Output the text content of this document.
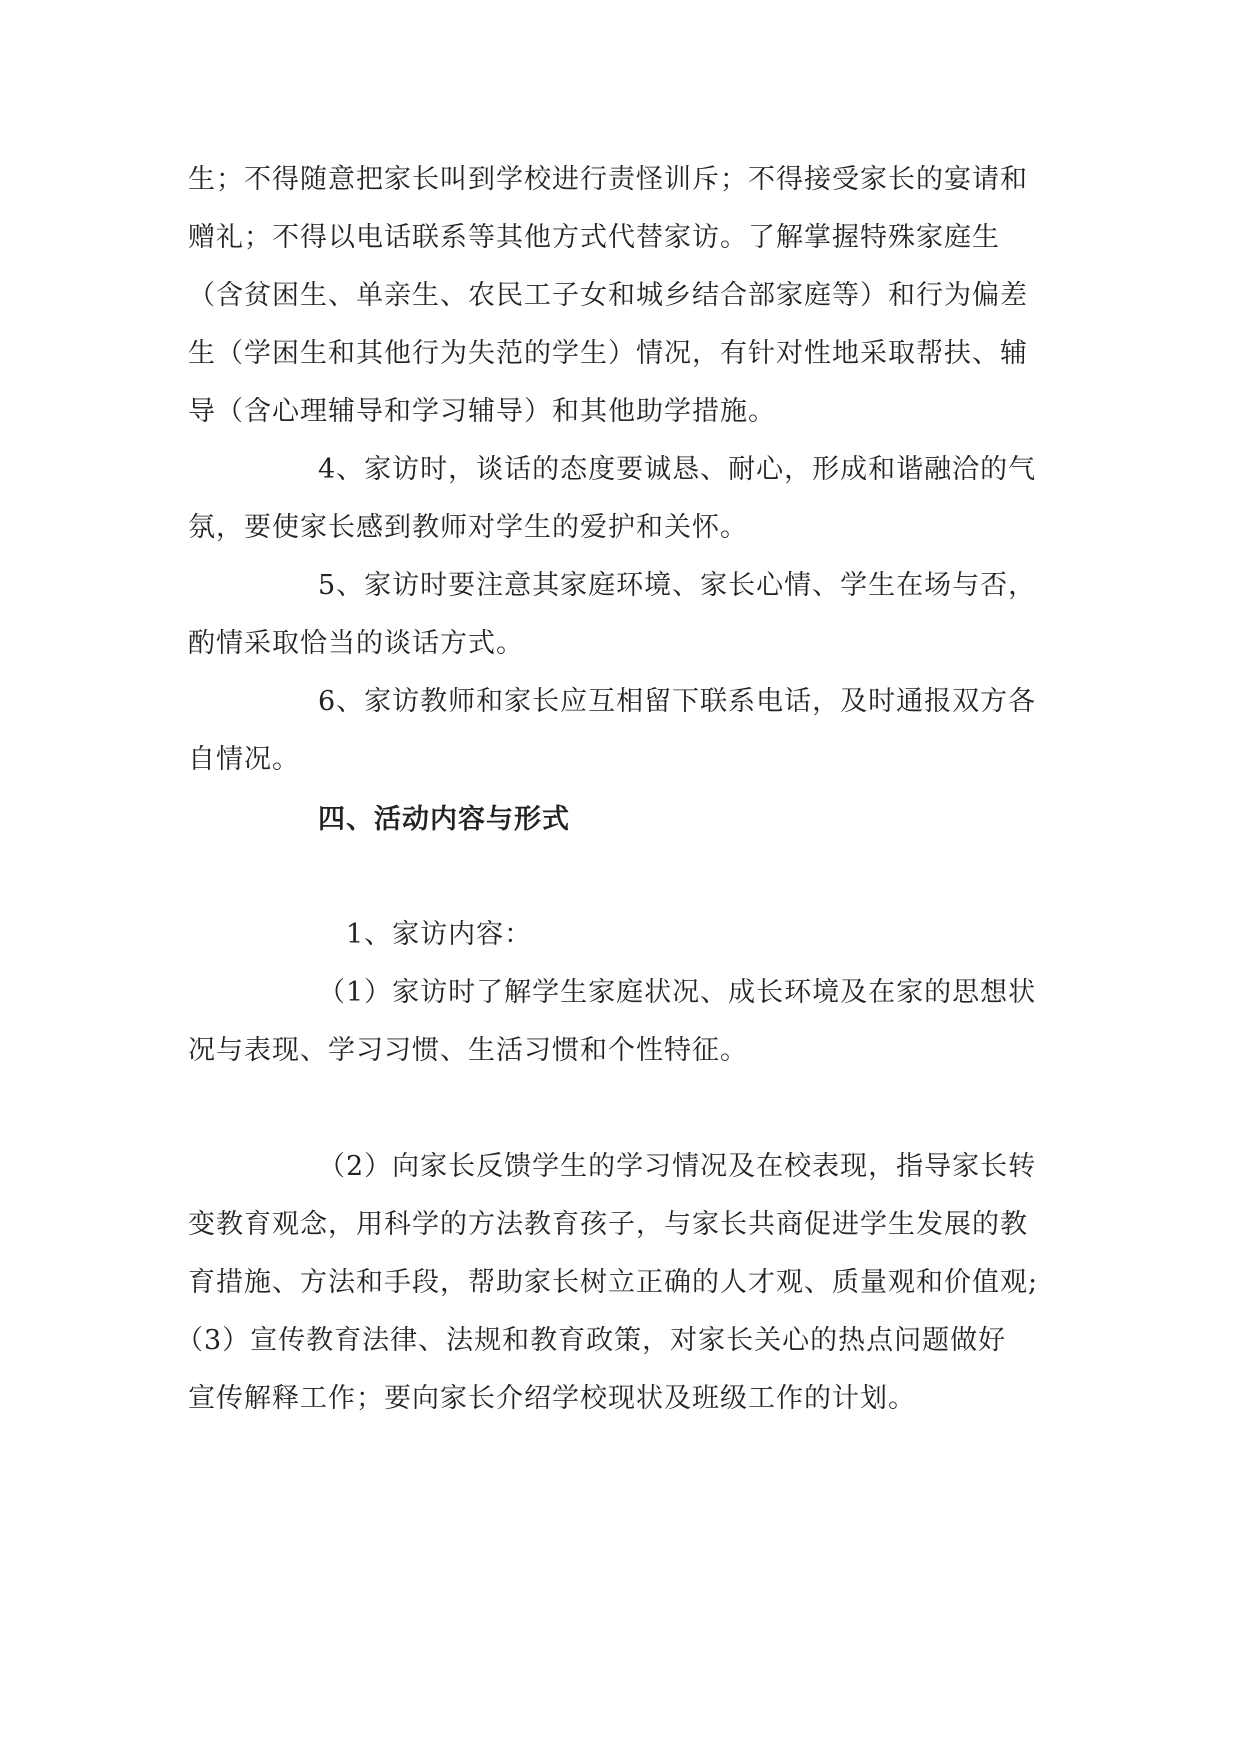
生；不得随意把家长叫到学校进行责怪训斥；不得接受家长的宴请和
赠礼；不得以电话联系等其他方式代替家访。了解掌握特殊家庭生
（含贫困生、单亲生、农民工子女和城乡结合部家庭等）和行为偏差
生（学困生和其他行为失范的学生）情况，有针对性地采取帮扶、辅
导（含心理辅导和学习辅导）和其他助学措施。
4、家访时，谈话的态度要诚恳、耐心，形成和谐融洽的气
氛，要使家长感到教师对学生的爱护和关怀。
5、家访时要注意其家庭环境、家长心情、学生在场与否，
酌情采取恰当的谈话方式。
6、家访教师和家长应互相留下联系电话，及时通报双方各
自情况。
四、活动内容与形式
1、家访内容：
（1）家访时了解学生家庭状况、成长环境及在家的思想状
况与表现、学习习惯、生活习惯和个性特征。
（2）向家长反馈学生的学习情况及在校表现，指导家长转
变教育观念，用科学的方法教育孩子，与家长共商促进学生发展的教
育措施、方法和手段，帮助家长树立正确的人才观、质量观和价值观;
（3）宣传教育法律、法规和教育政策，对家长关心的热点问题做好
宣传解释工作；要向家长介绍学校现状及班级工作的计划。
